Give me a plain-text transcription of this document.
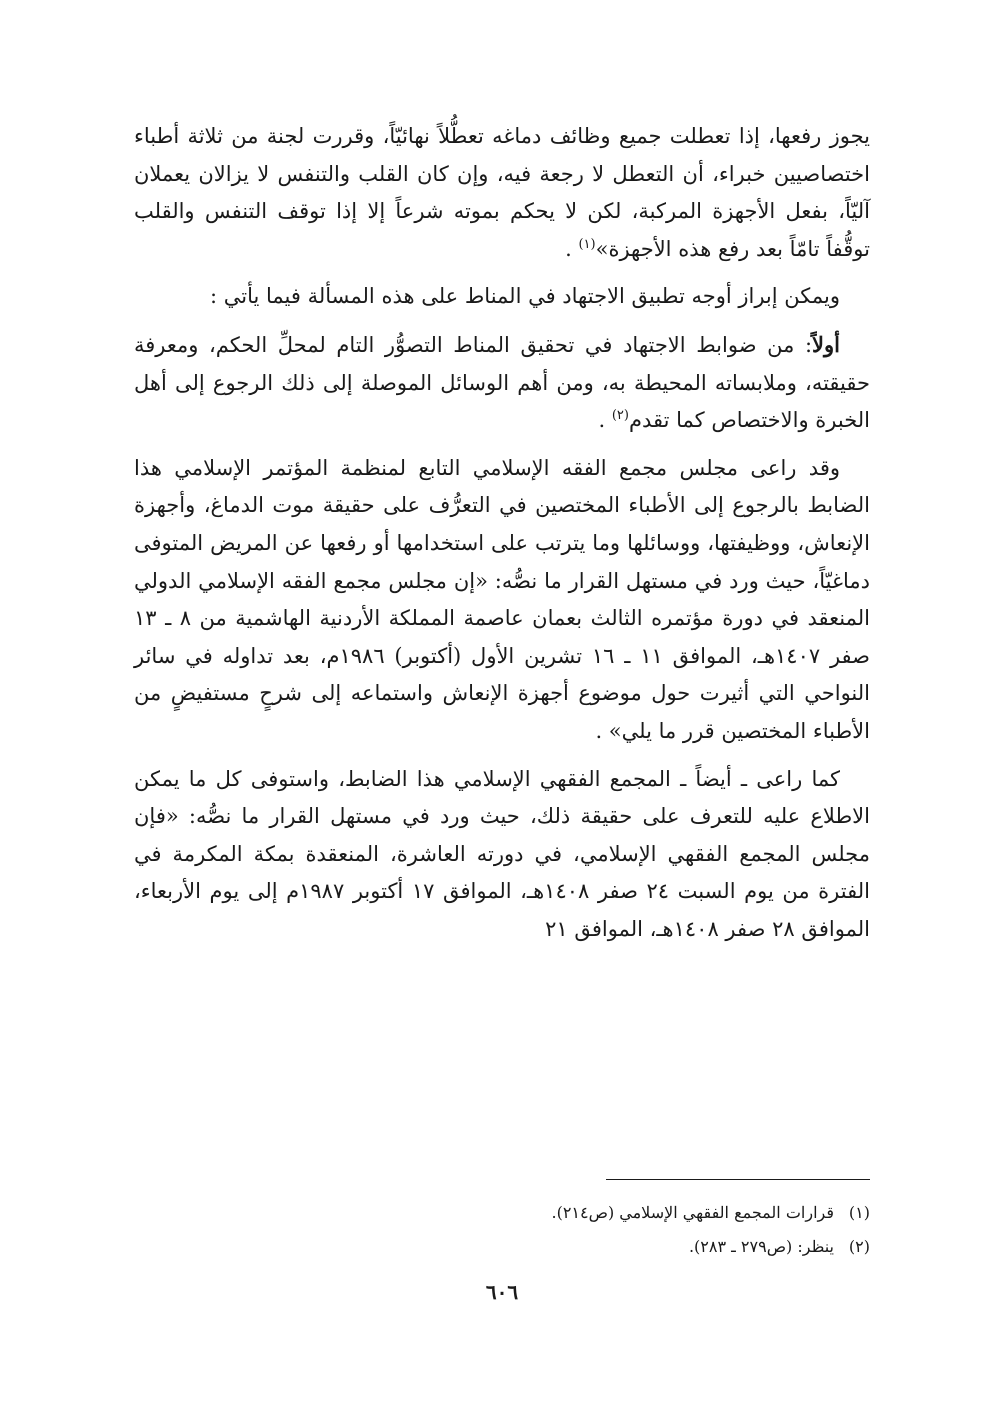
يجوز رفعها، إذا تعطلت جميع وظائف دماغه تعطُّلاً نهائيّاً، وقررت لجنة من ثلاثة أطباء اختصاصيين خبراء، أن التعطل لا رجعة فيه، وإن كان القلب والتنفس لا يزالان يعملان آليّاً، بفعل الأجهزة المركبة، لكن لا يحكم بموته شرعاً إلا إذا توقف التنفس والقلب توقُّفاً تامّاً بعد رفع هذه الأجهزة»$^{(١)}$ .

ويمكن إبراز أوجه تطبيق الاجتهاد في المناط على هذه المسألة فيما يأتي :

أولاً: من ضوابط الاجتهاد في تحقيق المناط التصوُّر التام لمحلِّ الحكم، ومعرفة حقيقته، وملابساته المحيطة به، ومن أهم الوسائل الموصلة إلى ذلك الرجوع إلى أهل الخبرة والاختصاص كما تقدم$^{(٢)}$ .

وقد راعى مجلس مجمع الفقه الإسلامي التابع لمنظمة المؤتمر الإسلامي هذا الضابط بالرجوع إلى الأطباء المختصين في التعرُّف على حقيقة موت الدماغ، وأجهزة الإنعاش، ووظيفتها، ووسائلها وما يترتب على استخدامها أو رفعها عن المريض المتوفى دماغيّاً، حيث ورد في مستهل القرار ما نصُّه: «إن مجلس مجمع الفقه الإسلامي الدولي المنعقد في دورة مؤتمره الثالث بعمان عاصمة المملكة الأردنية الهاشمية من ٨ ـ ١٣ صفر ١٤٠٧هـ، الموافق ١١ ـ ١٦ تشرين الأول (أكتوبر) ١٩٨٦م، بعد تداوله في سائر النواحي التي أثيرت حول موضوع أجهزة الإنعاش واستماعه إلى شرحٍ مستفيضٍ من الأطباء المختصين قرر ما يلي» .

كما راعى ـ أيضاً ـ المجمع الفقهي الإسلامي هذا الضابط، واستوفى كل ما يمكن الاطلاع عليه للتعرف على حقيقة ذلك، حيث ورد في مستهل القرار ما نصُّه: «فإن مجلس المجمع الفقهي الإسلامي، في دورته العاشرة، المنعقدة بمكة المكرمة في الفترة من يوم السبت ٢٤ صفر ١٤٠٨هـ، الموافق ١٧ أكتوبر ١٩٨٧م إلى يوم الأربعاء، الموافق ٢٨ صفر ١٤٠٨هـ، الموافق ٢١

(١)قرارات المجمع الفقهي الإسلامي (ص٢١٤).

(٢)ينظر: (ص٢٧٩ ـ ٢٨٣).

٦٠٦
